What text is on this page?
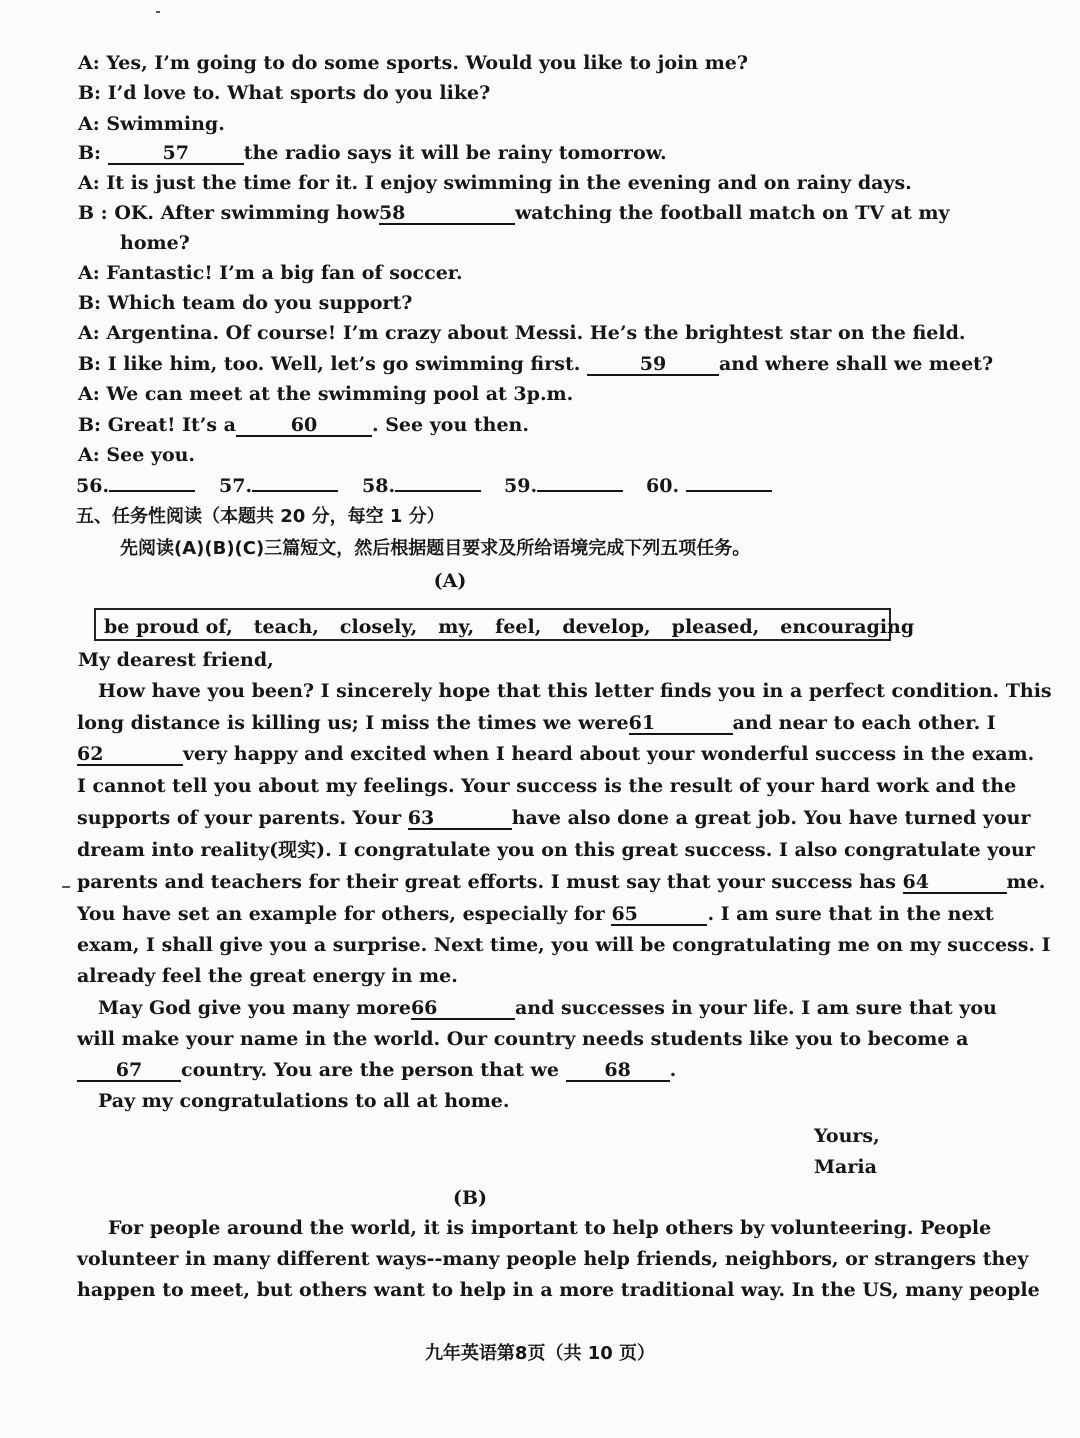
A: Yes, I’m going to do some sports. Would you like to join me?
B: I’d love to. What sports do you like?
A: Swimming.
B:	57	the radio says it will be rainy tomorrow.
A: It is just the time for it. I enjoy swimming in the evening and on rainy days.
B : OK. After swimming how58	watching the football match on TV at my
home?
A: Fantastic! I’m a big fan of soccer.
B: Which team do you support?
A: Argentina. Of course! I’m crazy about Messi. He’s the brightest star on the field.
B: I like him, too. Well, let’s go swimming first.	59	and where shall we meet?
A: We can meet at the swimming pool at 3p.m.
B: Great! It’s a	60	. See you then.
A: See you.
56.	57.	58.	59.	60.
五、任务性阅读（本题共 20 分，每空 1 分）
先阅读(A)(B)(C)三篇短文，然后根据题目要求及所给语境完成下列五项任务。
(A)
be proud of, teach, closely, my, feel, develop, pleased, encouraging
My dearest friend,
How have you been? I sincerely hope that this letter finds you in a perfect condition. This
long distance is killing us; I miss the times we were61	and near to each other. I
62	very happy and excited when I heard about your wonderful success in the exam.
I cannot tell you about my feelings. Your success is the result of your hard work and the
supports of your parents. Your 63	have also done a great job. You have turned your
dream into reality(现实). I congratulate you on this great success. I also congratulate your
parents and teachers for their great efforts. I must say that your success has 64	me.
You have set an example for others, especially for 65	. I am sure that in the next
exam, I shall give you a surprise. Next time, you will be congratulating me on my success. I
already feel the great energy in me.
May God give you many more66	and successes in your life. I am sure that you
will make your name in the world. Our country needs students like you to become a
67 country. You are the person that we 68 .
Pay my congratulations to all at home.
Yours,
Maria
(B)
For people around the world, it is important to help others by volunteering. People
volunteer in many different ways--many people help friends, neighbors, or strangers they
happen to meet, but others want to help in a more traditional way. In the US, many people
九年英语第8页（共 10 页）
